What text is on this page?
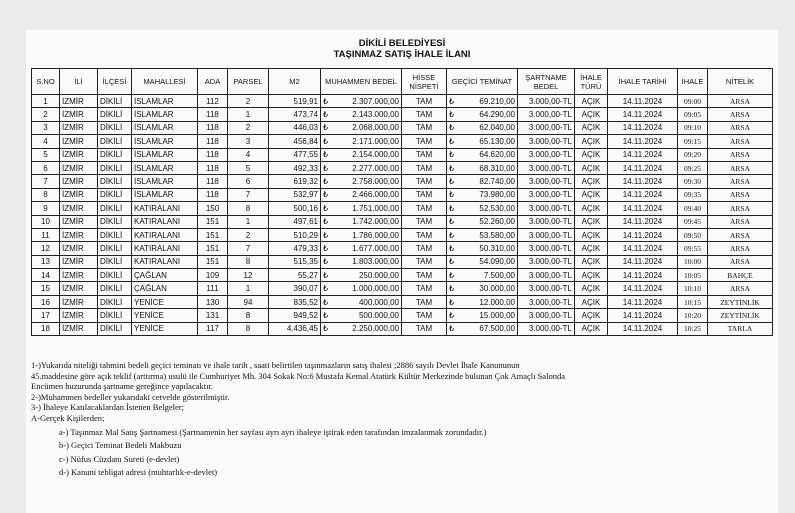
DİKİLİ BELEDİYESİ
TAŞINMAZ SATIŞ İHALE İLANI
S.NO	İLİ	İLÇESİ	MAHALLESİ	ADA	PARSEL	M2	MUHAMMEN BEDEL	HİSSE NİSPETİ	GEÇİCİ TEMİNAT	ŞARTNAME BEDEL	İHALE TÜRÜ	İHALE TARİHİ	İHALE	NİTELİK
1	İZMİR	DİKİLİ	İSLAMLAR	112	2	519,91	₺ 2.307.000,00	TAM	₺ 69.210,00	3.000,00-TL	AÇIK	14.11.2024	09:00	ARSA
2	İZMİR	DİKİLİ	İSLAMLAR	118	1	473,74	₺ 2.143.000,00	TAM	₺ 64.290,00	3.000,00-TL	AÇIK	14.11.2024	09:05	ARSA
3	İZMİR	DİKİLİ	İSLAMLAR	118	2	446,03	₺ 2.068.000,00	TAM	₺ 62.040,00	3.000,00-TL	AÇIK	14.11.2024	09:10	ARSA
4	İZMİR	DİKİLİ	İSLAMLAR	118	3	456,84	₺ 2.171.000,00	TAM	₺ 65.130,00	3.000,00-TL	AÇIK	14.11.2024	09:15	ARSA
5	İZMİR	DİKİLİ	İSLAMLAR	118	4	477,55	₺ 2.154.000,00	TAM	₺ 64.620,00	3.000,00-TL	AÇIK	14.11.2024	09:20	ARSA
6	İZMİR	DİKİLİ	İSLAMLAR	118	5	492,33	₺ 2.277.000,00	TAM	₺ 68.310,00	3.000,00-TL	AÇIK	14.11.2024	09:25	ARSA
7	İZMİR	DİKİLİ	İSLAMLAR	118	6	619,32	₺ 2.758.000,00	TAM	₺ 82.740,00	3.000,00-TL	AÇIK	14.11.2024	09:30	ARSA
8	İZMİR	DİKİLİ	İSLAMLAR	118	7	532,97	₺ 2.466.000,00	TAM	₺ 73.980,00	3.000,00-TL	AÇIK	14.11.2024	09:35	ARSA
9	İZMİR	DİKİLİ	KATIRALANI	150	8	500,16	₺ 1.751.000,00	TAM	₺ 52.530,00	3.000,00-TL	AÇIK	14.11.2024	09:40	ARSA
10	İZMİR	DİKİLİ	KATIRALANI	151	1	497,61	₺ 1.742.000,00	TAM	₺ 52.260,00	3.000,00-TL	AÇIK	14.11.2024	09:45	ARSA
11	İZMİR	DİKİLİ	KATIRALANI	151	2	510,29	₺ 1.786.000,00	TAM	₺ 53.580,00	3.000,00-TL	AÇIK	14.11.2024	09:50	ARSA
12	İZMİR	DİKİLİ	KATIRALANI	151	7	479,33	₺ 1.677.000,00	TAM	₺ 50.310,00	3.000,00-TL	AÇIK	14.11.2024	09:55	ARSA
13	İZMİR	DİKİLİ	KATIRALANI	151	8	515,35	₺ 1.803.000,00	TAM	₺ 54.090,00	3.000,00-TL	AÇIK	14.11.2024	10:00	ARSA
14	İZMİR	DİKİLİ	ÇAĞLAN	109	12	55,27	₺ 250.000,00	TAM	₺ 7.500,00	3.000,00-TL	AÇIK	14.11.2024	10:05	BAHÇE
15	İZMİR	DİKİLİ	ÇAĞLAN	111	1	390,07	₺ 1.000.000,00	TAM	₺ 30.000,00	3.000,00-TL	AÇIK	14.11.2024	10:10	ARSA
16	İZMİR	DİKİLİ	YENİCE	130	94	835,52	₺ 400.000,00	TAM	₺ 12.000,00	3.000,00-TL	AÇIK	14.11.2024	10:15	ZEYTİNLİK
17	İZMİR	DİKİLİ	YENİCE	131	8	949,52	₺ 500.000,00	TAM	₺ 15.000,00	3.000,00-TL	AÇIK	14.11.2024	10:20	ZEYTİNLİK
18	İZMİR	DİKİLİ	YENİCE	117	8	4.436,45	₺ 2.250.000,00	TAM	₺ 67.500,00	3.000,00-TL	AÇIK	14.11.2024	10:25	TARLA

1-)Yukarıda niteliği tahmini bedeli geçici teminatı ve ihale tarih , saati belirtilen taşınmazların satış ihalesi ;2886 sayılı Devlet İhale Kanununun

45.maddesine göre açık teklif (arttırma) usulü ile Cumhuriyet Mh. 304 Sokak No:6 Mustafa Kemal Atatürk Kültür Merkezinde bulunan Çok Amaçlı Salonda

Encümen huzurunda şartname gereğince yapılacaktır.

2-)Muhammen bedeller yukarıdaki cetvelde gösterilmiştir.

3-) İhaleye Katılacaklardan İstenen Belgeler;

A-Gerçek Kişilerden;

a-) Taşınmaz Mal Satış Şartnamesi (Şartnamenin her sayfası ayrı ayrı ihaleye iştirak eden tarafından imzalanmak zorundadır.)

b-) Geçici Teminat Bedeli Makbuzu

c-) Nüfus Cüzdanı Sureti (e-devlet)

d-) Kanuni tebligat adresi (muhtarlık-e-devlet)
